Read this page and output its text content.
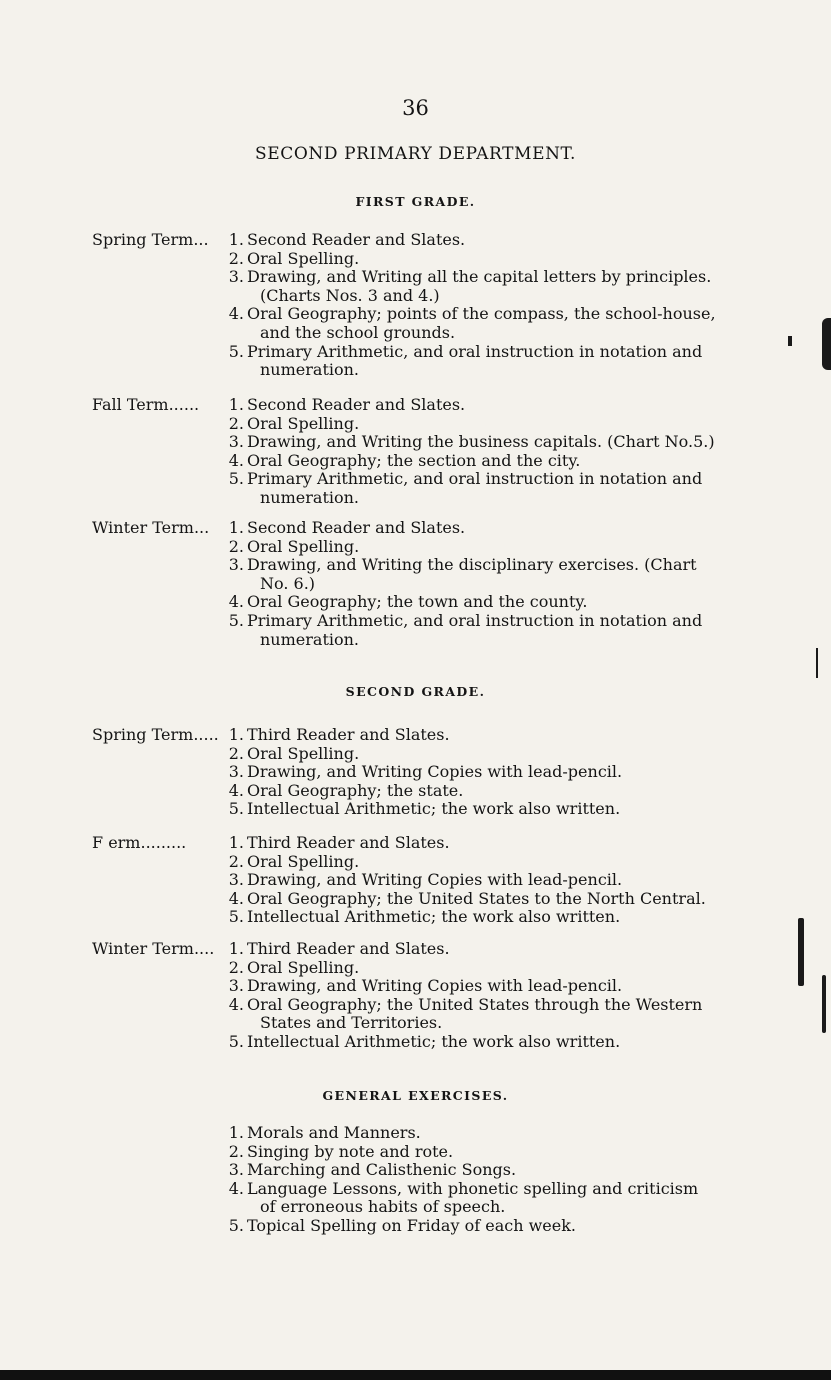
36
SECOND PRIMARY DEPARTMENT.
FIRST GRADE.
Spring Term...	1. Second Reader and Slates.
2. Oral Spelling.
3. Drawing, and Writing all the capital letters by principles.
(Charts Nos. 3 and 4.)
4. Oral Geography; points of the compass, the school-house,
and the school grounds.
5. Primary Arithmetic, and oral instruction in notation and
numeration.
Fall Term......	1. Second Reader and Slates.
2. Oral Spelling.
3. Drawing, and Writing the business capitals. (Chart No.5.)
4. Oral Geography; the section and the city.
5. Primary Arithmetic, and oral instruction in notation and
numeration.
Winter Term...	1. Second Reader and Slates.
2. Oral Spelling.
3. Drawing, and Writing the disciplinary exercises. (Chart
No. 6.)
4. Oral Geography; the town and the county.
5. Primary Arithmetic, and oral instruction in notation and
numeration.
SECOND GRADE.
Spring Term..... 1. Third Reader and Slates.
2. Oral Spelling.
3. Drawing, and Writing Copies with lead-pencil.
4. Oral Geography; the state.
5. Intellectual Arithmetic; the work also written.
F erm.........	1. Third Reader and Slates.
2. Oral Spelling.
3. Drawing, and Writing Copies with lead-pencil.
4. Oral Geography; the United States to the North Central.
5. Intellectual Arithmetic; the work also written.
Winter Term.... 1. Third Reader and Slates.
2. Oral Spelling.
3. Drawing, and Writing Copies with lead-pencil.
4. Oral Geography; the United States through the Western
States and Territories.
5. Intellectual Arithmetic; the work also written.
GENERAL EXERCISES.
1. Morals and Manners.
2. Singing by note and rote.
3. Marching and Calisthenic Songs.
4. Language Lessons, with phonetic spelling and criticism
of erroneous habits of speech.
5. Topical Spelling on Friday of each week.
